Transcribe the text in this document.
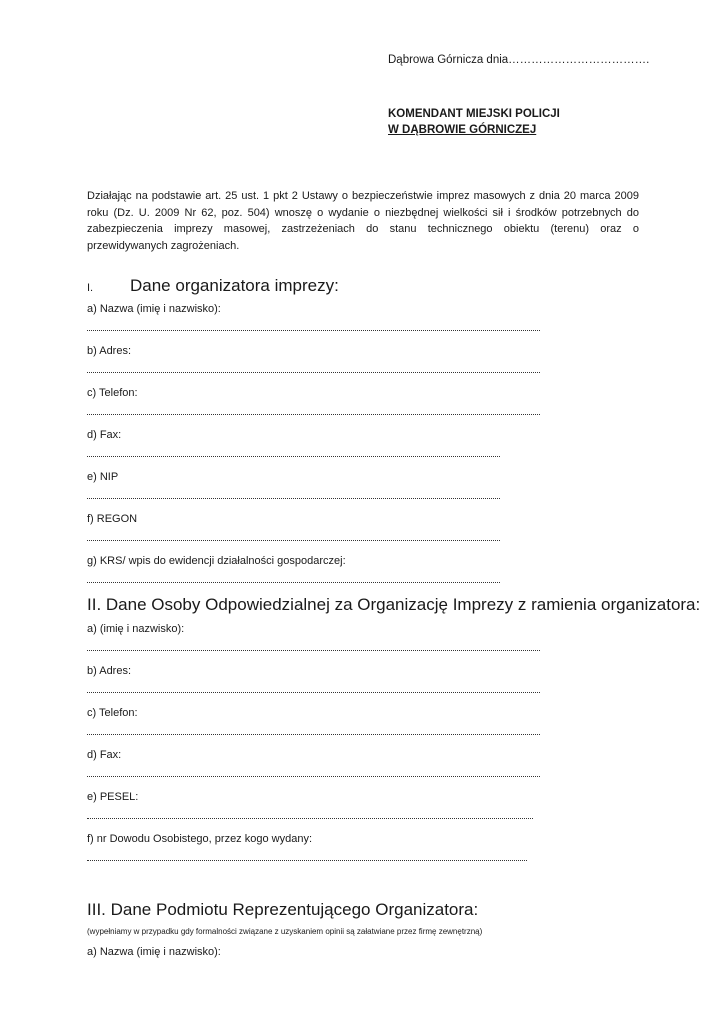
Dąbrowa Górnicza dnia……………………………….
KOMENDANT MIEJSKI POLICJI
W DĄBROWIE GÓRNICZEJ
Działając na podstawie art. 25 ust. 1 pkt 2 Ustawy o bezpieczeństwie imprez masowych z dnia 20 marca 2009 roku (Dz. U. 2009 Nr 62, poz. 504) wnoszę o wydanie o niezbędnej wielkości sił i środków potrzebnych do zabezpieczenia imprezy masowej, zastrzeżeniach do stanu technicznego obiektu (terenu) oraz o przewidywanych zagrożeniach.
I. Dane organizatora imprezy:
a) Nazwa (imię i nazwisko):
b) Adres:
c) Telefon:
d) Fax:
e) NIP
f) REGON
g) KRS/ wpis do ewidencji działalności gospodarczej:
II. Dane Osoby Odpowiedzialnej za Organizację Imprezy z ramienia organizatora:
a) (imię i nazwisko):
b) Adres:
c) Telefon:
d) Fax:
e) PESEL:
f) nr Dowodu Osobistego, przez kogo wydany:
III. Dane Podmiotu Reprezentującego Organizatora:
(wypełniamy w przypadku gdy formalności związane z uzyskaniem opinii są załatwiane przez firmę zewnętrzną)
a) Nazwa (imię i nazwisko):
